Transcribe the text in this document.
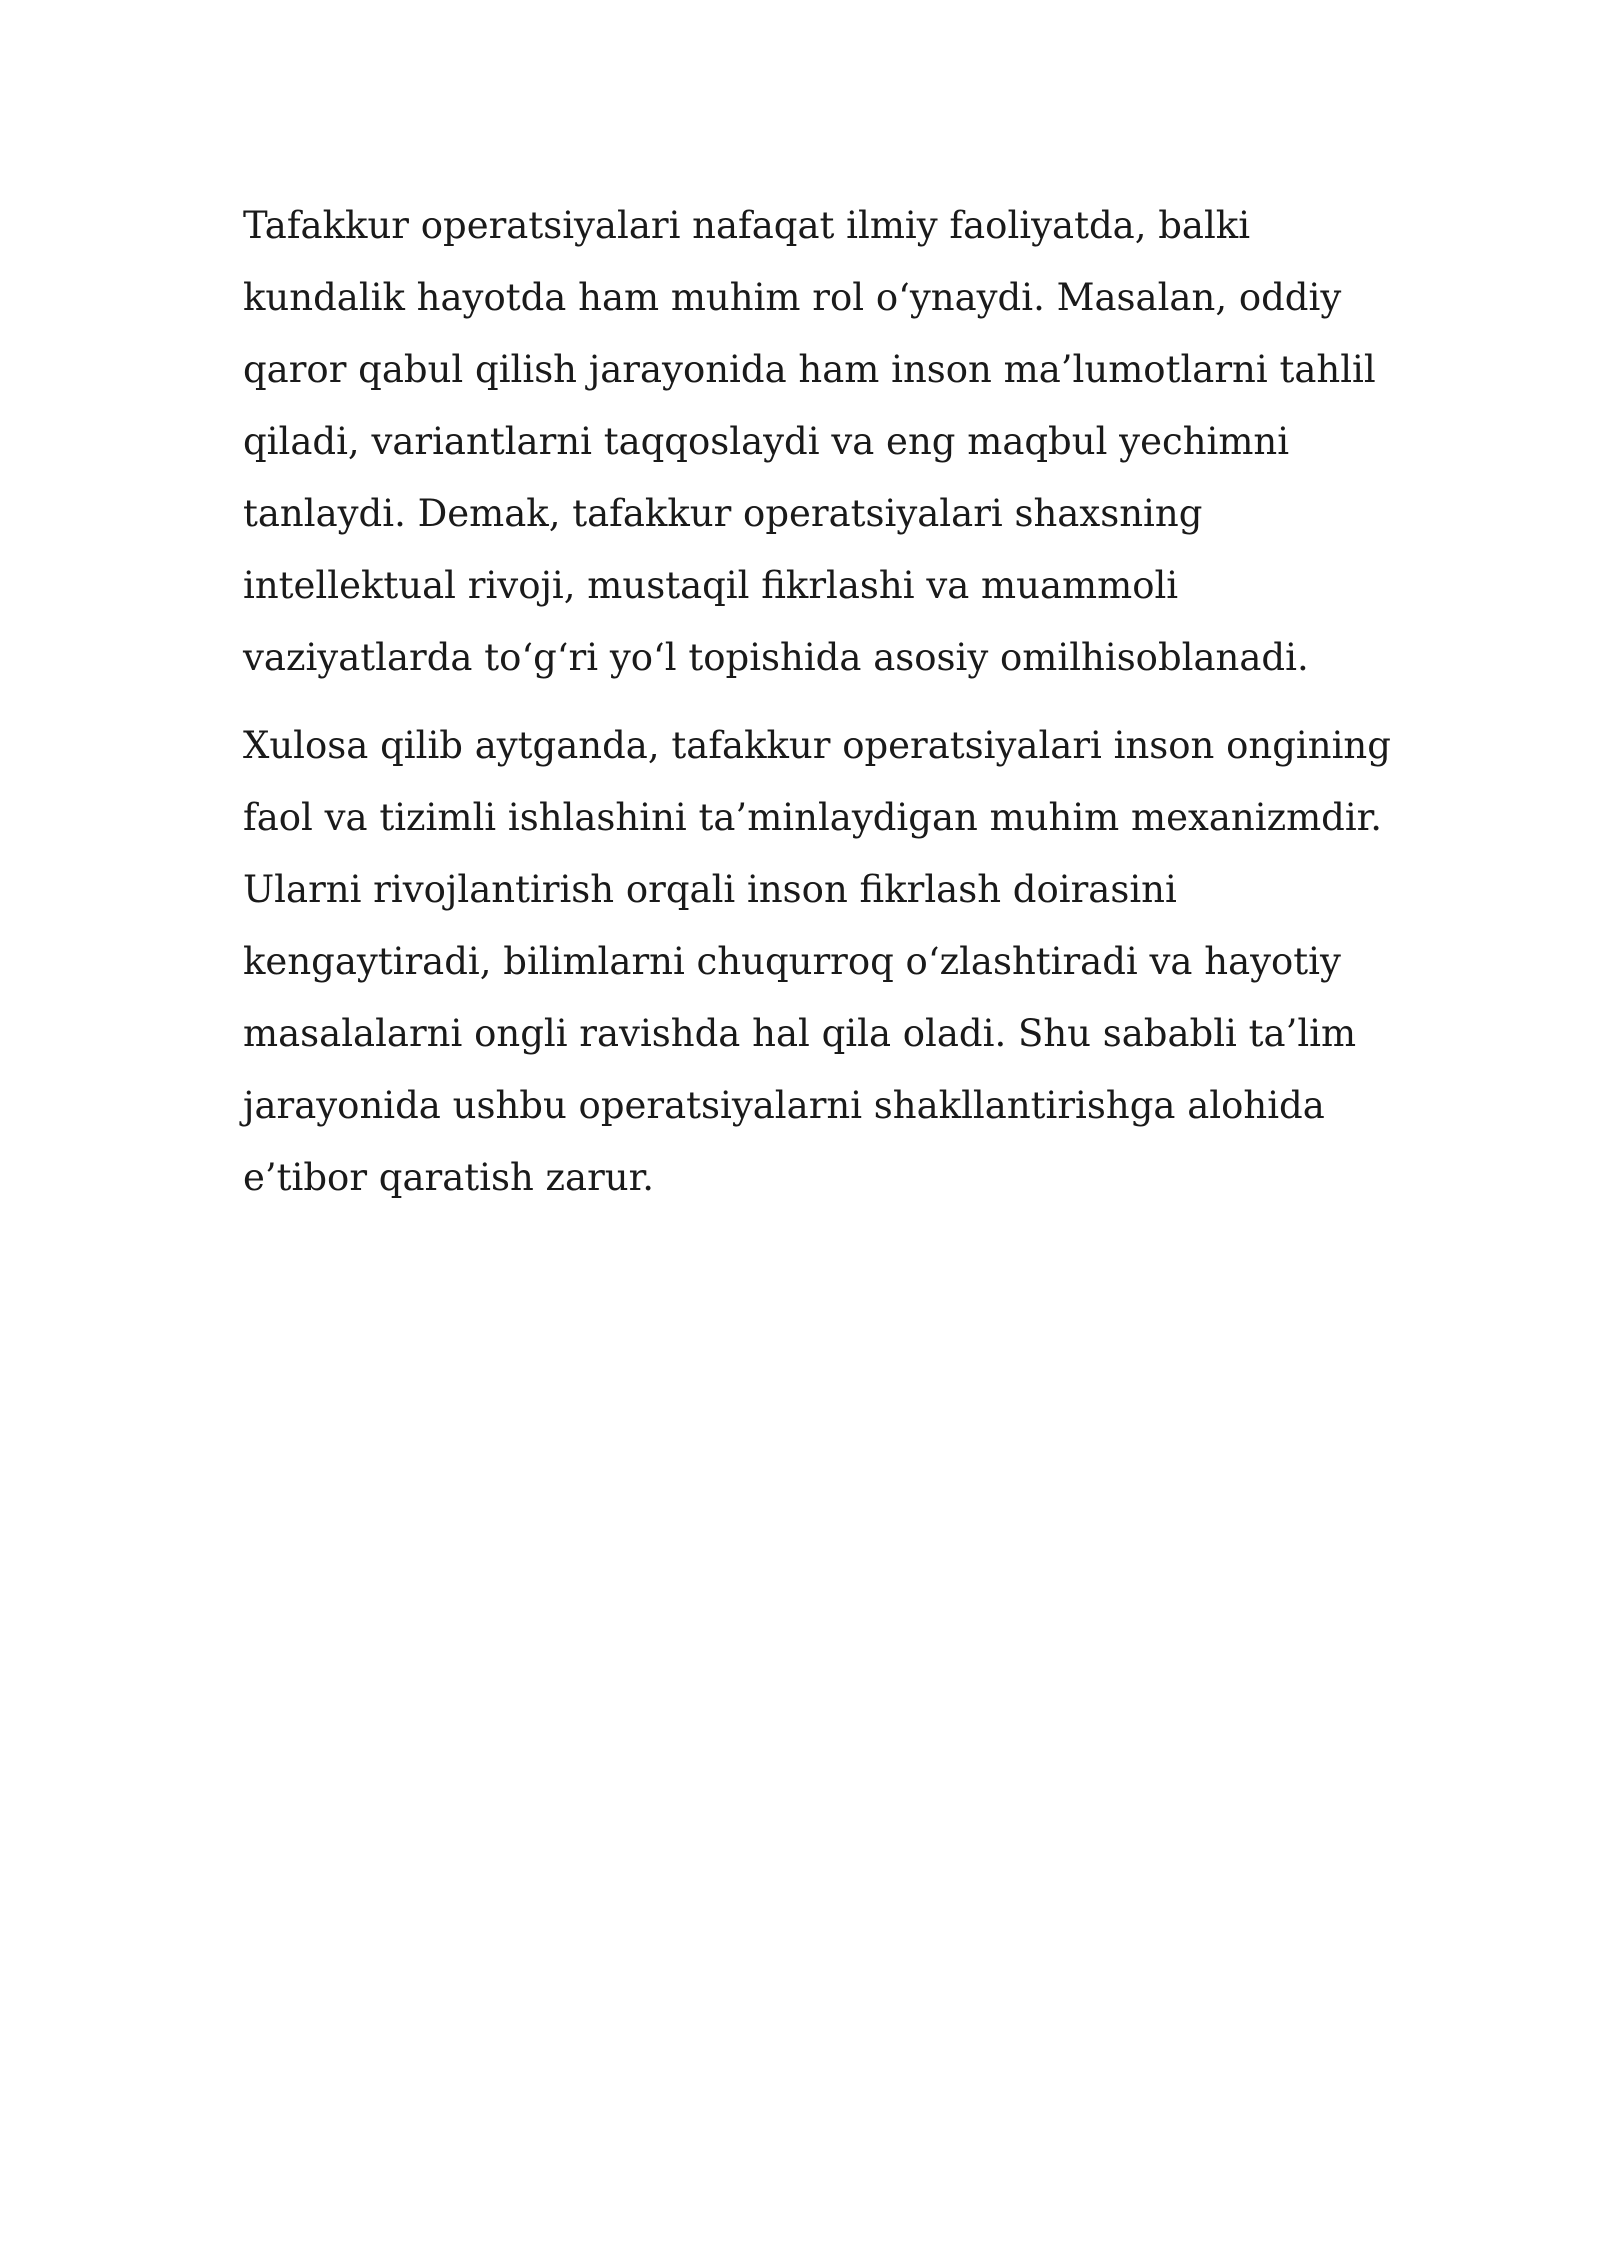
Tafakkur operatsiyalari nafaqat ilmiy faoliyatda, balki
kundalik hayotda ham muhim rol o‘ynaydi. Masalan, oddiy
qaror qabul qilish jarayonida ham inson ma’lumotlarni tahlil
qiladi, variantlarni taqqoslaydi va eng maqbul yechimni
tanlaydi. Demak, tafakkur operatsiyalari shaxsning
intellektual rivoji, mustaqil fikrlashi va muammoli
vaziyatlarda to‘g‘ri yo‘l topishida asosiy omilhisoblanadi.

Xulosa qilib aytganda, tafakkur operatsiyalari inson ongining
faol va tizimli ishlashini ta’minlaydigan muhim mexanizmdir.
Ularni rivojlantirish orqali inson fikrlash doirasini
kengaytiradi, bilimlarni chuqurroq o‘zlashtiradi va hayotiy
masalalarni ongli ravishda hal qila oladi. Shu sababli ta’lim
jarayonida ushbu operatsiyalarni shakllantirishga alohida
e’tibor qaratish zarur.
